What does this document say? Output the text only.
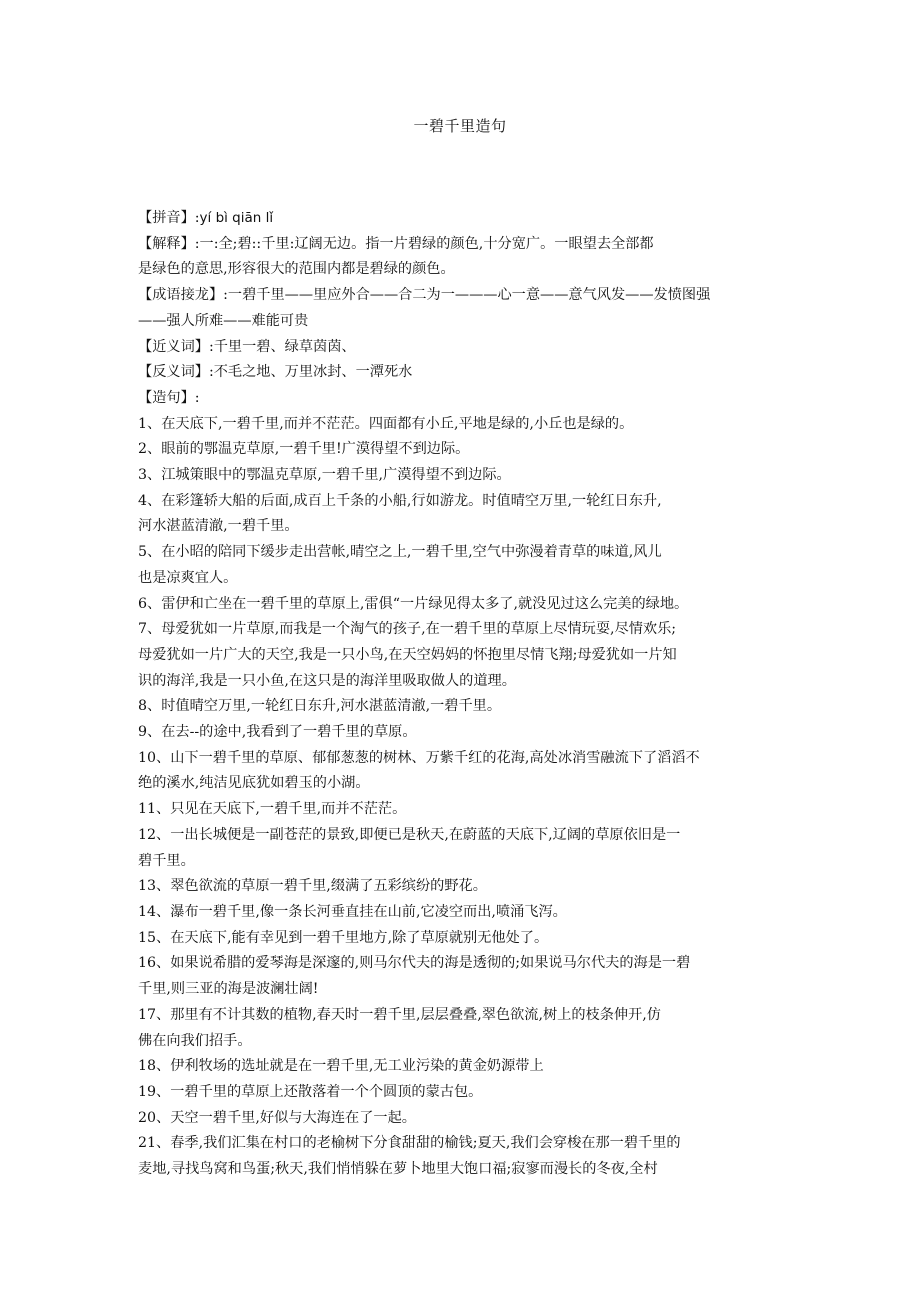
一碧千里造句

【拼音】:yí bì qiān lǐ

【解释】:一:全;碧::千里:辽阔无边。指一片碧绿的颜色,十分宽广。一眼望去全部都

是绿色的意思,形容很大的范围内都是碧绿的颜色。

【成语接龙】:一碧千里——里应外合——合二为一———心一意——意气风发——发愤图强

——强人所难——难能可贵

【近义词】:千里一碧、绿草茵茵、

【反义词】:不毛之地、万里冰封、一潭死水

【造句】:

1、在天底下,一碧千里,而并不茫茫。四面都有小丘,平地是绿的,小丘也是绿的。

2、眼前的鄂温克草原,一碧千里!广漠得望不到边际。

3、江城策眼中的鄂温克草原,一碧千里,广漠得望不到边际。

4、在彩篷轿大船的后面,成百上千条的小船,行如游龙。时值晴空万里,一轮红日东升,

河水湛蓝清澈,一碧千里。

5、在小昭的陪同下缓步走出营帐,晴空之上,一碧千里,空气中弥漫着青草的味道,风儿

也是凉爽宜人。

6、雷伊和亡坐在一碧千里的草原上,雷俱“一片绿见得太多了,就没见过这么完美的绿地。

7、母爱犹如一片草原,而我是一个淘气的孩子,在一碧千里的草原上尽情玩耍,尽情欢乐;

母爱犹如一片广大的天空,我是一只小鸟,在天空妈妈的怀抱里尽情飞翔;母爱犹如一片知

识的海洋,我是一只小鱼,在这只是的海洋里吸取做人的道理。

8、时值晴空万里,一轮红日东升,河水湛蓝清澈,一碧千里。

9、在去--的途中,我看到了一碧千里的草原。

10、山下一碧千里的草原、郁郁葱葱的树林、万紫千红的花海,高处冰消雪融流下了滔滔不

绝的溪水,纯洁见底犹如碧玉的小湖。

11、只见在天底下,一碧千里,而并不茫茫。

12、一出长城便是一副苍茫的景致,即便已是秋天,在蔚蓝的天底下,辽阔的草原依旧是一

碧千里。

13、翠色欲流的草原一碧千里,缀满了五彩缤纷的野花。

14、瀑布一碧千里,像一条长河垂直挂在山前,它凌空而出,喷涌飞泻。

15、在天底下,能有幸见到一碧千里地方,除了草原就别无他处了。

16、如果说希腊的爱琴海是深邃的,则马尔代夫的海是透彻的;如果说马尔代夫的海是一碧

千里,则三亚的海是波澜壮阔!

17、那里有不计其数的植物,春天时一碧千里,层层叠叠,翠色欲流,树上的枝条伸开,仿

佛在向我们招手。

18、伊利牧场的选址就是在一碧千里,无工业污染的黄金奶源带上

19、一碧千里的草原上还散落着一个个圆顶的蒙古包。

20、天空一碧千里,好似与大海连在了一起。

21、春季,我们汇集在村口的老榆树下分食甜甜的榆钱;夏天,我们会穿梭在那一碧千里的

麦地,寻找鸟窝和鸟蛋;秋天,我们悄悄躲在萝卜地里大饱口福;寂寥而漫长的冬夜,全村
